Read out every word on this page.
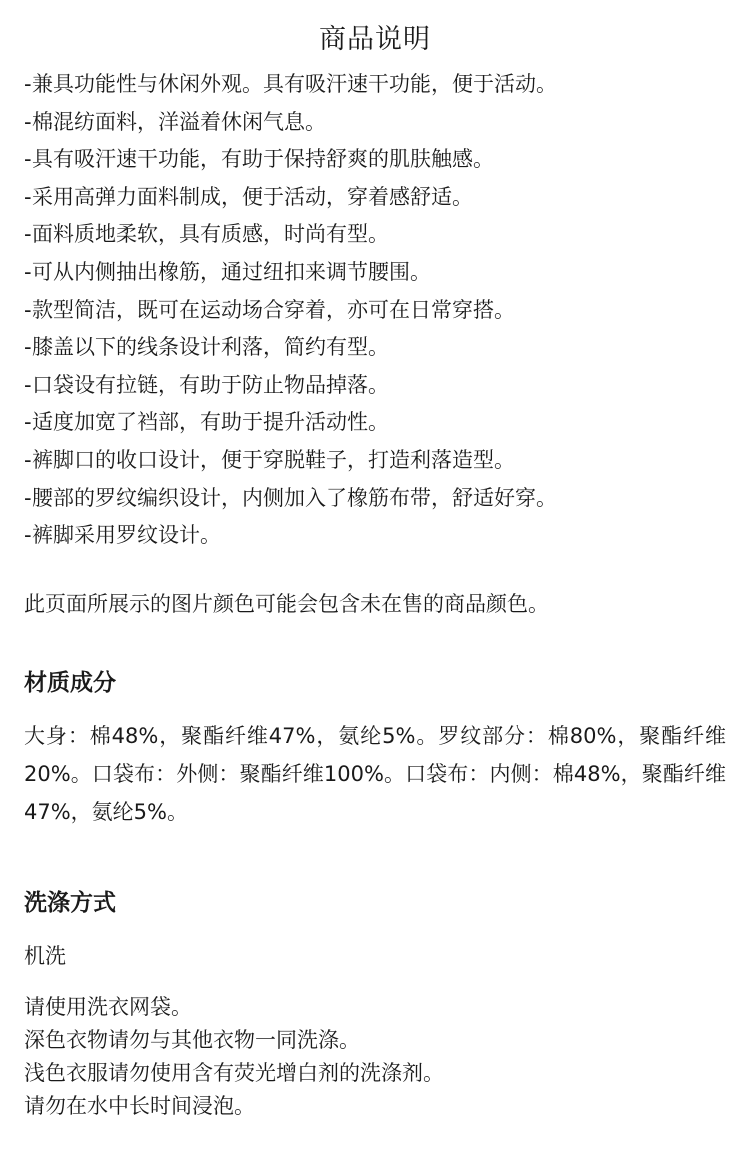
商品说明
-兼具功能性与休闲外观。具有吸汗速干功能，便于活动。
-棉混纺面料，洋溢着休闲气息。
-具有吸汗速干功能，有助于保持舒爽的肌肤触感。
-采用高弹力面料制成，便于活动，穿着感舒适。
-面料质地柔软，具有质感，时尚有型。
-可从内侧抽出橡筋，通过纽扣来调节腰围。
-款型简洁，既可在运动场合穿着，亦可在日常穿搭。
-膝盖以下的线条设计利落，简约有型。
-口袋设有拉链，有助于防止物品掉落。
-适度加宽了裆部，有助于提升活动性。
-裤脚口的收口设计，便于穿脱鞋子，打造利落造型。
-腰部的罗纹编织设计，内侧加入了橡筋布带，舒适好穿。
-裤脚采用罗纹设计。

此页面所展示的图片颜色可能会包含未在售的商品颜色。

材质成分

大身：棉48%，聚酯纤维47%，氨纶5%。罗纹部分：棉80%，聚酯纤维20%。口袋布：外侧：聚酯纤维100%。口袋布：内侧：棉48%，聚酯纤维47%，氨纶5%。

洗涤方式

机洗

请使用洗衣网袋。
深色衣物请勿与其他衣物一同洗涤。
浅色衣服请勿使用含有荧光增白剂的洗涤剂。
请勿在水中长时间浸泡。
